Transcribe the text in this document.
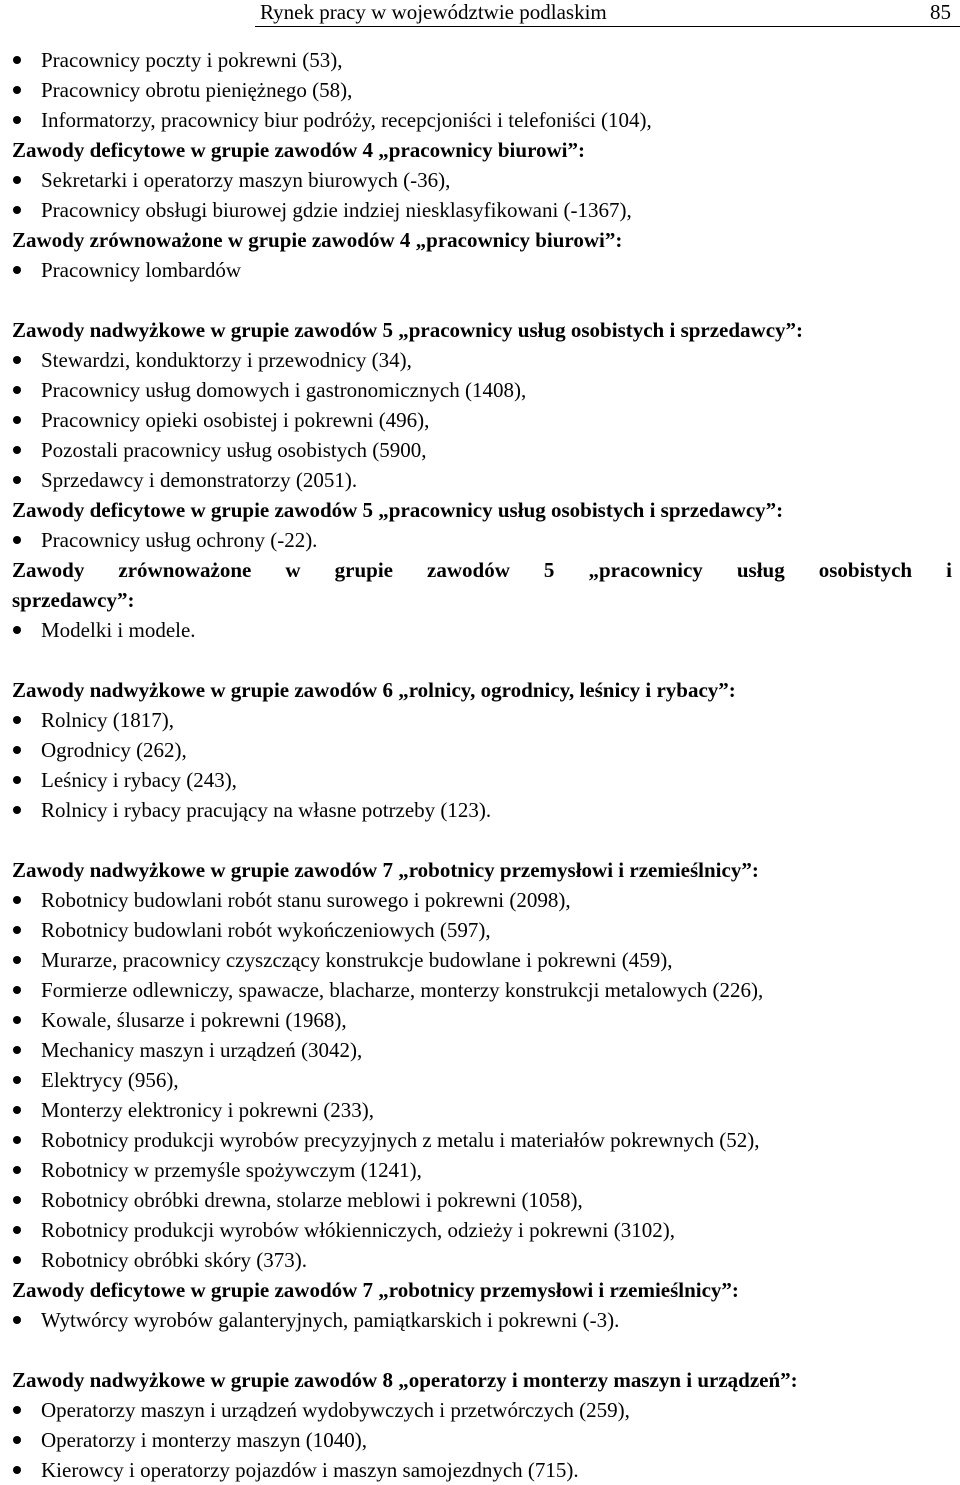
Rynek pracy w województwie podlaskim	85
Pracownicy poczty i pokrewni (53),
Pracownicy obrotu pieniężnego (58),
Informatorzy, pracownicy biur podróży, recepcjoniści i telefoniści (104),
Zawody deficytowe w grupie zawodów 4 „pracownicy biurowi”:
Sekretarki i operatorzy maszyn biurowych (-36),
Pracownicy obsługi biurowej gdzie indziej niesklasyfikowani (-1367),
Zawody zrównoważone w grupie zawodów 4 „pracownicy biurowi”:
Pracownicy lombardów
Zawody nadwyżkowe w grupie zawodów 5 „pracownicy usług osobistych i sprzedawcy”:
Stewardzi, konduktorzy i przewodnicy (34),
Pracownicy usług domowych i gastronomicznych (1408),
Pracownicy opieki osobistej i pokrewni (496),
Pozostali pracownicy usług osobistych (5900,
Sprzedawcy i demonstratorzy (2051).
Zawody deficytowe w grupie zawodów 5 „pracownicy usług osobistych i sprzedawcy”:
Pracownicy usług ochrony (-22).
Zawody zrównoważone w grupie zawodów 5 „pracownicy usług osobistych i
sprzedawcy”:
Modelki i modele.
Zawody nadwyżkowe w grupie zawodów 6 „rolnicy, ogrodnicy, leśnicy i rybacy”:
Rolnicy (1817),
Ogrodnicy (262),
Leśnicy i rybacy (243),
Rolnicy i rybacy pracujący na własne potrzeby (123).
Zawody nadwyżkowe w grupie zawodów 7 „robotnicy przemysłowi i rzemieślnicy”:
Robotnicy budowlani robót stanu surowego i pokrewni (2098),
Robotnicy budowlani robót wykończeniowych (597),
Murarze, pracownicy czyszczący konstrukcje budowlane i pokrewni (459),
Formierze odlewniczy, spawacze, blacharze, monterzy konstrukcji metalowych (226),
Kowale, ślusarze i pokrewni (1968),
Mechanicy maszyn i urządzeń (3042),
Elektrycy (956),
Monterzy elektronicy i pokrewni (233),
Robotnicy produkcji wyrobów precyzyjnych z metalu i materiałów pokrewnych (52),
Robotnicy w przemyśle spożywczym (1241),
Robotnicy obróbki drewna, stolarze meblowi i pokrewni (1058),
Robotnicy produkcji wyrobów włókienniczych, odzieży i pokrewni (3102),
Robotnicy obróbki skóry (373).
Zawody deficytowe w grupie zawodów 7 „robotnicy przemysłowi i rzemieślnicy”:
Wytwórcy wyrobów galanteryjnych, pamiątkarskich i pokrewni (-3).
Zawody nadwyżkowe w grupie zawodów 8 „operatorzy i monterzy maszyn i urządzeń”:
Operatorzy maszyn i urządzeń wydobywczych i przetwórczych (259),
Operatorzy i monterzy maszyn (1040),
Kierowcy i operatorzy pojazdów i maszyn samojezdnych (715).
